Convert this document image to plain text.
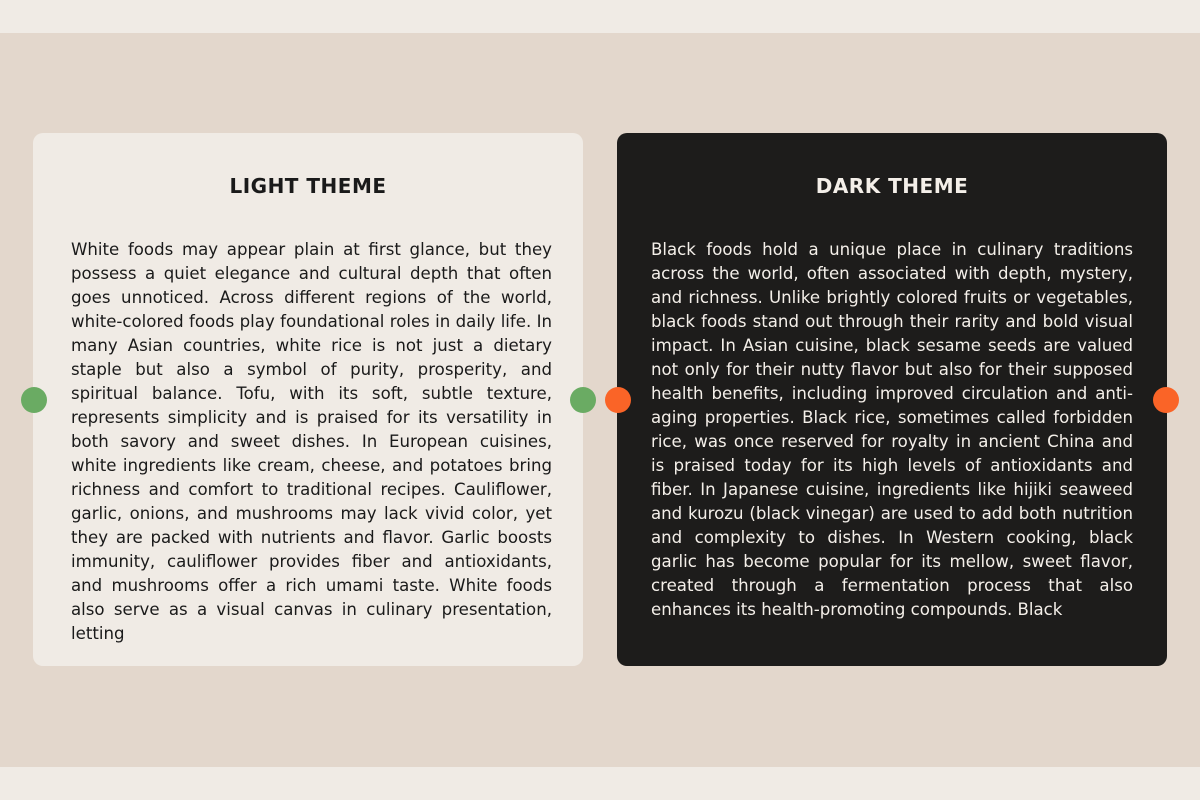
LIGHT THEME

White foods may appear plain at first glance, but they possess a quiet elegance and cultural depth that often goes unnoticed. Across different regions of the world, white-colored foods play foundational roles in daily life. In many Asian countries, white rice is not just a dietary staple but also a symbol of purity, prosperity, and spiritual balance. Tofu, with its soft, subtle texture, represents simplicity and is praised for its versatility in both savory and sweet dishes. In European cuisines, white ingredients like cream, cheese, and potatoes bring richness and comfort to traditional recipes. Cauliflower, garlic, onions, and mushrooms may lack vivid color, yet they are packed with nutrients and flavor. Garlic boosts immunity, cauliflower provides fiber and antioxidants, and mushrooms offer a rich umami taste. White foods also serve as a visual canvas in culinary presentation, letting

DARK THEME

Black foods hold a unique place in culinary traditions across the world, often associated with depth, mystery, and richness. Unlike brightly colored fruits or vegetables, black foods stand out through their rarity and bold visual impact. In Asian cuisine, black sesame seeds are valued not only for their nutty flavor but also for their supposed health benefits, including improved circulation and anti-aging properties. Black rice, sometimes called forbidden rice, was once reserved for royalty in ancient China and is praised today for its high levels of antioxidants and fiber. In Japanese cuisine, ingredients like hijiki seaweed and kurozu (black vinegar) are used to add both nutrition and complexity to dishes. In Western cooking, black garlic has become popular for its mellow, sweet flavor, created through a fermentation process that also enhances its health-promoting compounds. Black
